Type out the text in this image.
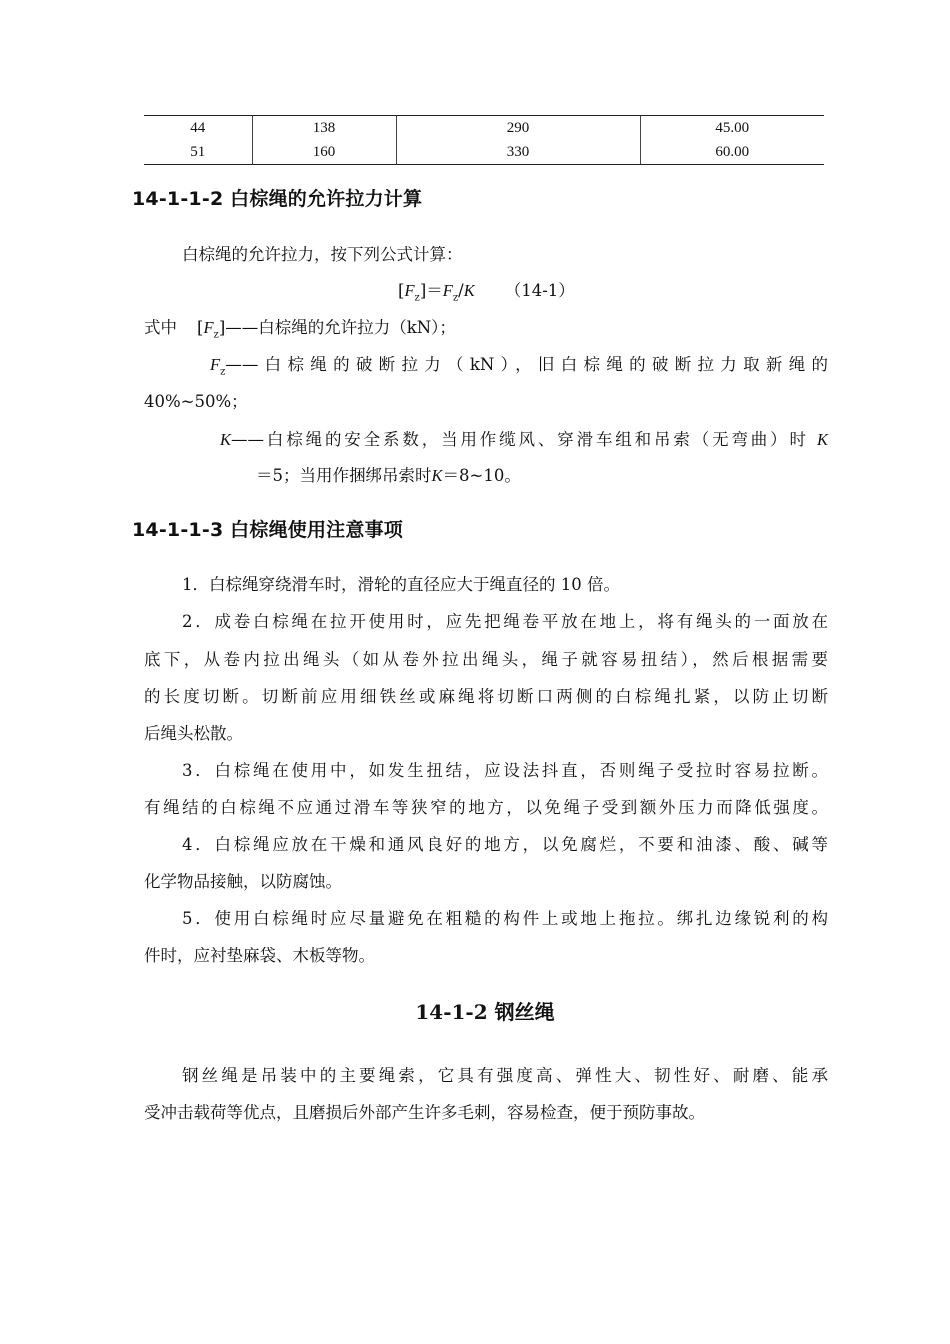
44	138	290	45.00
51	160	330	60.00
14-1-1-2 白棕绳的允许拉力计算
白棕绳的允许拉力，按下列公式计算：
$[F_z]=F_z/K$ （14-1）
式中 $[F_z]——$白棕绳的允许拉力（kN）；
$F_z——$白棕绳的破断拉力（kN），旧白棕绳的破断拉力取新绳的
40%~50%；
K——白棕绳的安全系数，当用作缆风、穿滑车组和吊索（无弯曲）时 K
＝5；当用作捆绑吊索时K＝8~10。
14-1-1-3 白棕绳使用注意事项
1．白棕绳穿绕滑车时，滑轮的直径应大于绳直径的 10 倍。
2．成卷白棕绳在拉开使用时，应先把绳卷平放在地上，将有绳头的一面放在
底下，从卷内拉出绳头（如从卷外拉出绳头，绳子就容易扭结），然后根据需要
的长度切断。切断前应用细铁丝或麻绳将切断口两侧的白棕绳扎紧，以防止切断
后绳头松散。
3．白棕绳在使用中，如发生扭结，应设法抖直，否则绳子受拉时容易拉断。
有绳结的白棕绳不应通过滑车等狭窄的地方，以免绳子受到额外压力而降低强度。
4．白棕绳应放在干燥和通风良好的地方，以免腐烂，不要和油漆、酸、碱等
化学物品接触，以防腐蚀。
5．使用白棕绳时应尽量避免在粗糙的构件上或地上拖拉。绑扎边缘锐利的构
件时，应衬垫麻袋、木板等物。
14-1-2 钢丝绳
钢丝绳是吊装中的主要绳索，它具有强度高、弹性大、韧性好、耐磨、能承
受冲击载荷等优点，且磨损后外部产生许多毛刺，容易检查，便于预防事故。
